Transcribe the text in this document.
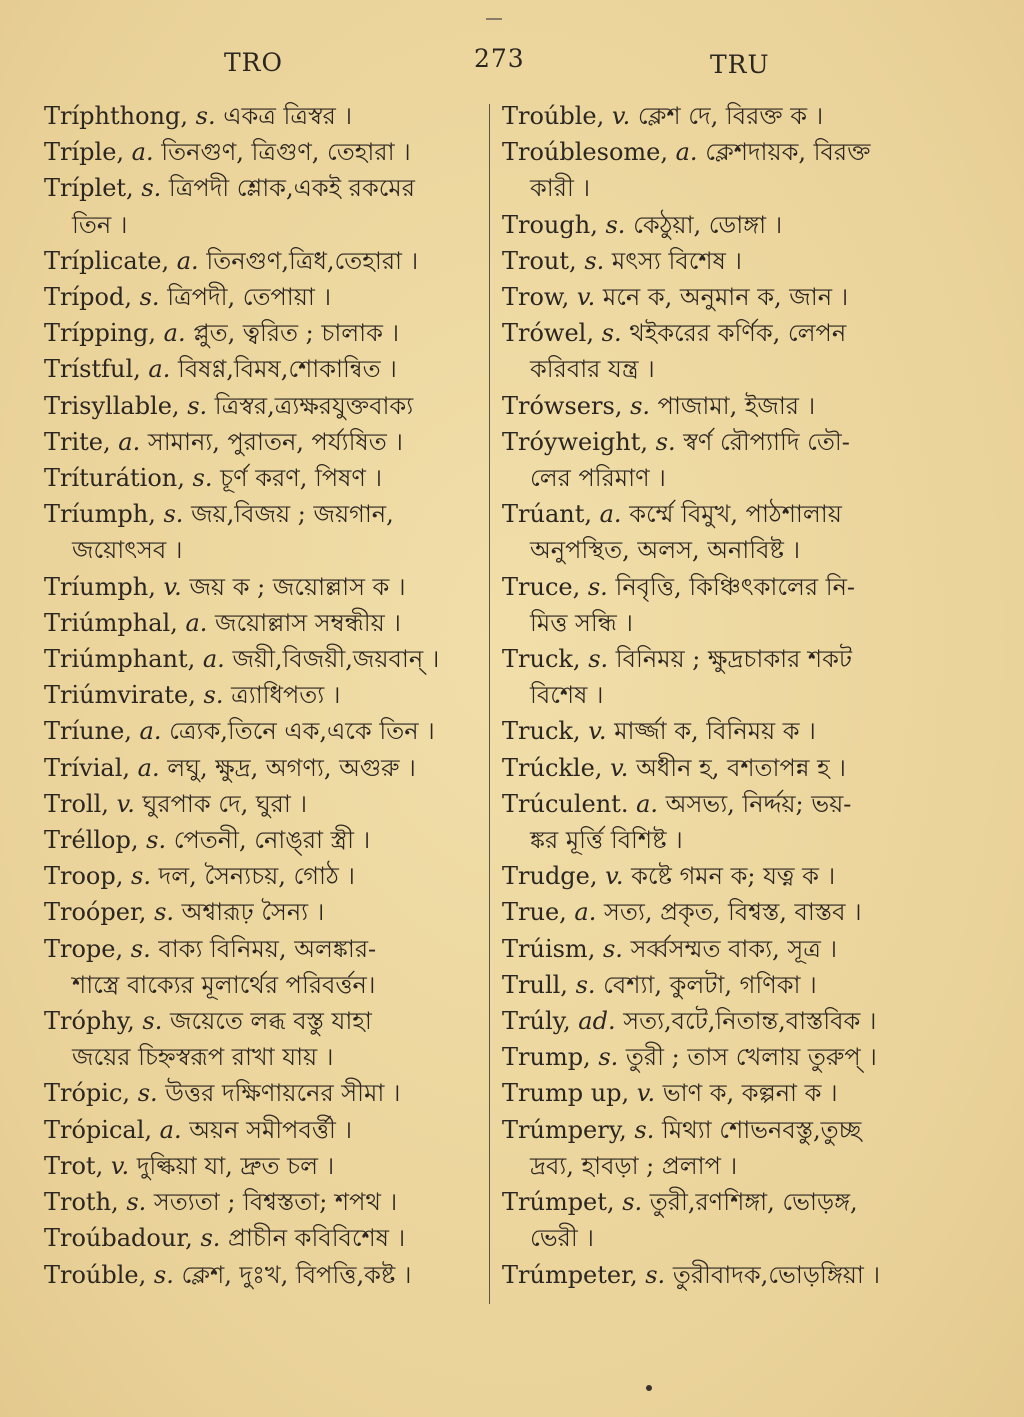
TRO	273	TRU
Tríphthong, s. একত্র ত্রিস্বর ।
Tríple, a. তিনগুণ, ত্রিগুণ, তেহারা ।
Tríplet, s. ত্রিপদী শ্লোক,একই রকমের
তিন ।
Tríplicate, a. তিনগুণ,ত্রিধ,তেহারা ।
Trípod, s. ত্রিপদী, তেপায়া ।
Trípping, a. প্লুত, ত্বরিত ; চালাক ।
Trístful, a. বিষণ্ণ,বিমষ,শোকান্বিত ।
Trisyllable, s. ত্রিস্বর,ত্র্যক্ষরযুক্তবাক্য
Trite, a. সামান্য, পুরাতন, পর্য্যষিত ।
Tríturátion, s. চূর্ণ করণ, পিষণ ।
Tríumph, s. জয়,বিজয় ; জয়গান,
জয়োৎসব ।
Tríumph, v. জয় ক ; জয়োল্লাস ক ।
Triúmphal, a. জয়োল্লাস সম্বন্ধীয় ।
Triúmphant, a. জয়ী,বিজয়ী,জয়বান্ ।
Triúmvirate, s. ত্র্যাধিপত্য ।
Tríune, a. ত্র্যেক,তিনে এক,একে তিন ।
Trívial, a. লঘু, ক্ষুদ্র, অগণ্য, অগুরু ।
Troll, v. ঘুরপাক দে, ঘুরা ।
Tréllop, s. পেতনী, নোঙ্‌রা স্ত্রী ।
Troop, s. দল, সৈন্যচয়, গোঠ ।
Troóper, s. অশ্বারূঢ় সৈন্য ।
Trope, s. বাক্য বিনিময়, অলঙ্কার-
শাস্ত্রে বাক্যের মূলার্থের পরিবর্ত্তন।
Tróphy, s. জয়েতে লব্ধ বস্তু যাহা
জয়ের চিহ্নস্বরূপ রাখা যায় ।
Trópic, s. উত্তর দক্ষিণায়নের সীমা ।
Trópical, a. অয়ন সমীপবর্ত্তী ।
Trot, v. দুল্কিয়া যা, দ্রুত চল ।
Troth, s. সত্যতা ; বিশ্বস্ততা; শপথ ।
Troúbadour, s. প্রাচীন কবিবিশেষ ।
Troúble, s. ক্লেশ, দুঃখ, বিপত্তি,কষ্ট ।
Troúble, v. ক্লেশ দে, বিরক্ত ক ।
Troúblesome, a. ক্লেশদায়ক, বিরক্ত
কারী ।
Trough, s. কেঠুয়া, ডোঙ্গা ।
Trout, s. মৎস্য বিশেষ ।
Trow, v. মনে ক, অনুমান ক, জান ।
Trówel, s. থইকরের কর্ণিক, লেপন
করিবার যন্ত্র ।
Trówsers, s. পাজামা, ইজার ।
Tróyweight, s. স্বর্ণ রৌপ্যাদি তৌ-
লের পরিমাণ ।
Trúant, a. কর্ম্মে বিমুখ, পাঠশালায়
অনুপস্থিত, অলস, অনাবিষ্ট ।
Truce, s. নিবৃত্তি, কিঞ্চিৎকালের নি-
মিত্ত সন্ধি ।
Truck, s. বিনিময় ; ক্ষুদ্রচাকার শকট
বিশেষ ।
Truck, v. মার্জ্জা ক, বিনিময় ক ।
Trúckle, v. অধীন হ, বশতাপন্ন হ ।
Trúculent. a. অসভ্য, নির্দ্দয়; ভয়-
ঙ্কর মূর্ত্তি বিশিষ্ট ।
Trudge, v. কষ্টে গমন ক; যত্ন ক ।
True, a. সত্য, প্রকৃত, বিশ্বস্ত, বাস্তব ।
Trúism, s. সর্ব্বসম্মত বাক্য, সূত্র ।
Trull, s. বেশ্যা, কুলটা, গণিকা ।
Trúly, ad. সত্য,বটে,নিতান্ত,বাস্তবিক ।
Trump, s. তুরী ; তাস খেলায় তুরুপ্ ।
Trump up, v. ভাণ ক, কল্পনা ক ।
Trúmpery, s. মিথ্যা শোভনবস্তু,তুচ্ছ
দ্রব্য, হাবড়া ; প্রলাপ ।
Trúmpet, s. তুরী,রণশিঙ্গা, ভোড়ঙ্গ,
ভেরী ।
Trúmpeter, s. তুরীবাদক,ভোড়ঙ্গিয়া ।
